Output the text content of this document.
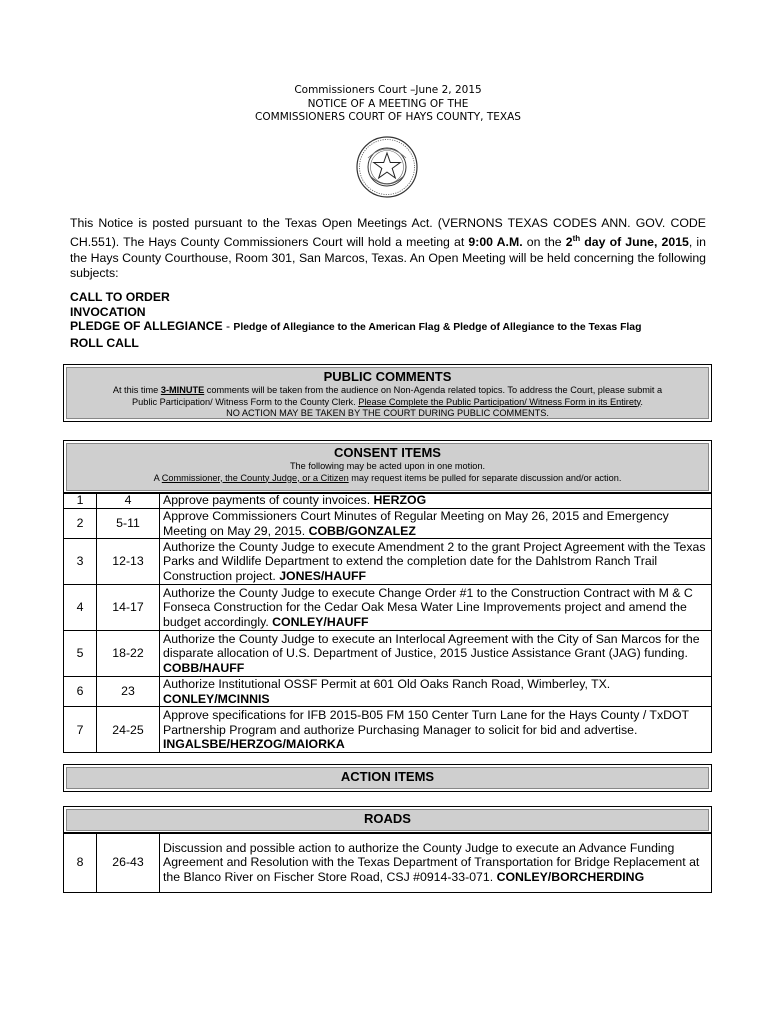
Commissioners Court –June 2, 2015
NOTICE OF A MEETING OF THE
COMMISSIONERS COURT OF HAYS COUNTY, TEXAS
This Notice is posted pursuant to the Texas Open Meetings Act. (VERNONS TEXAS CODES ANN. GOV. CODE CH.551). The Hays County Commissioners Court will hold a meeting at 9:00 A.M. on the 2th day of June, 2015, in the Hays County Courthouse, Room 301, San Marcos, Texas. An Open Meeting will be held concerning the following subjects:
CALL TO ORDER
INVOCATION
PLEDGE OF ALLEGIANCE - Pledge of Allegiance to the American Flag & Pledge of Allegiance to the Texas Flag
ROLL CALL
PUBLIC COMMENTS
At this time 3-MINUTE comments will be taken from the audience on Non-Agenda related topics. To address the Court, please submit a
Public Participation/ Witness Form to the County Clerk. Please Complete the Public Participation/ Witness Form in its Entirety.
NO ACTION MAY BE TAKEN BY THE COURT DURING PUBLIC COMMENTS.
CONSENT ITEMS
The following may be acted upon in one motion.
A Commissioner, the County Judge, or a Citizen may request items be pulled for separate discussion and/or action.
1	4	Approve payments of county invoices. HERZOG
2	5-11	Approve Commissioners Court Minutes of Regular Meeting on May 26, 2015 and Emergency Meeting on May 29, 2015. COBB/GONZALEZ
3	12-13	Authorize the County Judge to execute Amendment 2 to the grant Project Agreement with the Texas Parks and Wildlife Department to extend the completion date for the Dahlstrom Ranch Trail Construction project. JONES/HAUFF
4	14-17	Authorize the County Judge to execute Change Order #1 to the Construction Contract with M & C Fonseca Construction for the Cedar Oak Mesa Water Line Improvements project and amend the budget accordingly. CONLEY/HAUFF
5	18-22	Authorize the County Judge to execute an Interlocal Agreement with the City of San Marcos for the disparate allocation of U.S. Department of Justice, 2015 Justice Assistance Grant (JAG) funding. COBB/HAUFF
6	23	Authorize Institutional OSSF Permit at 601 Old Oaks Ranch Road, Wimberley, TX. CONLEY/MCINNIS
7	24-25	Approve specifications for IFB 2015-B05 FM 150 Center Turn Lane for the Hays County / TxDOT Partnership Program and authorize Purchasing Manager to solicit for bid and advertise. INGALSBE/HERZOG/MAIORKA
ACTION ITEMS
ROADS
8	26-43	Discussion and possible action to authorize the County Judge to execute an Advance Funding Agreement and Resolution with the Texas Department of Transportation for Bridge Replacement at the Blanco River on Fischer Store Road, CSJ #0914-33-071. CONLEY/BORCHERDING
